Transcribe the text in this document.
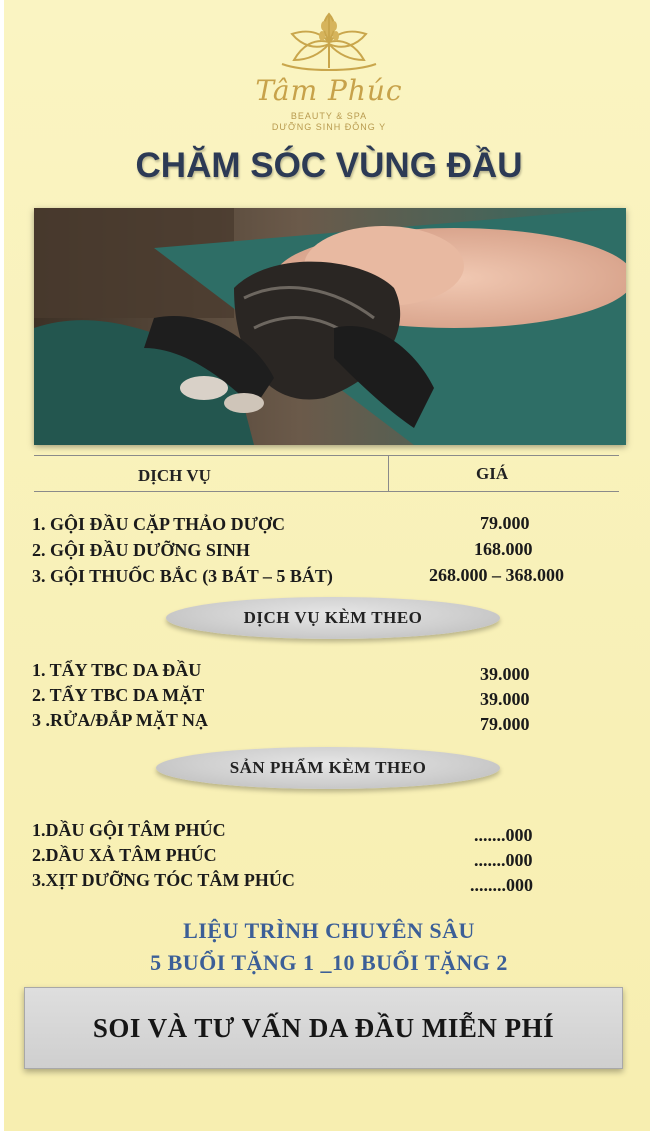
Tâm Phúc
BEAUTY & SPA
DƯỠNG SINH ĐÔNG Y
CHĂM SÓC VÙNG ĐẦU
DỊCH VỤ	GIÁ
1. GỘI ĐẦU CẶP THẢO DƯỢC	79.000
2. GỘI ĐẦU DƯỠNG SINH	168.000
3. GỘI THUỐC BẮC (3 BÁT – 5 BÁT)	268.000 – 368.000
DỊCH VỤ KÈM THEO
1. TẨY TBC DA ĐẦU	39.000
2. TẨY TBC DA MẶT	39.000
3 .RỬA/ĐẮP MẶT NẠ	79.000
SẢN PHẨM KÈM THEO
1.DẦU GỘI TÂM PHÚC	.......000
2.DẦU XẢ TÂM PHÚC	.......000
3.XỊT DƯỠNG TÓC TÂM PHÚC	........000
LIỆU TRÌNH CHUYÊN SÂU
5 BUỔI TẶNG 1 _10 BUỔI TẶNG 2
SOI VÀ TƯ VẤN DA ĐẦU MIỄN PHÍ
